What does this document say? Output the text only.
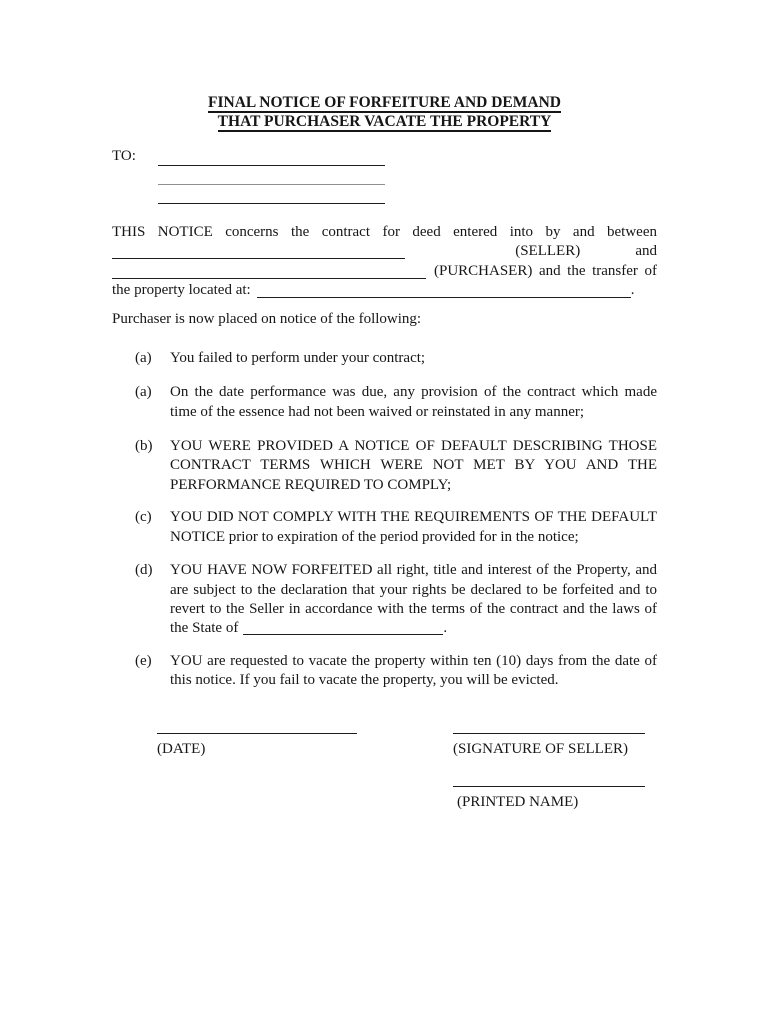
FINAL NOTICE OF FORFEITURE AND DEMAND
THAT PURCHASER VACATE THE PROPERTY
TO:
THIS NOTICE concerns the contract for deed entered into by and between
(SELLER)	and
(PURCHASER) and the transfer of
the property located at:	.
Purchaser is now placed on notice of the following:
(a)	You failed to perform under your contract;
(a)	On the date performance was due, any provision of the contract which made time of the essence had not been waived or reinstated in any manner;
(b)	YOU WERE PROVIDED A NOTICE OF DEFAULT DESCRIBING THOSE CONTRACT TERMS WHICH WERE NOT MET BY YOU AND THE PERFORMANCE REQUIRED TO COMPLY;
(c)	YOU DID NOT COMPLY WITH THE REQUIREMENTS OF THE DEFAULT NOTICE prior to expiration of the period provided for in the notice;
(d)	YOU HAVE NOW FORFEITED all right, title and interest of the Property, and are subject to the declaration that your rights be declared to be forfeited and to revert to the Seller in accordance with the terms of the contract and the laws of the State of	.
(e)	YOU are requested to vacate the property within ten (10) days from the date of this notice. If you fail to vacate the property, you will be evicted.
(DATE)	(SIGNATURE OF SELLER)
(PRINTED NAME)
